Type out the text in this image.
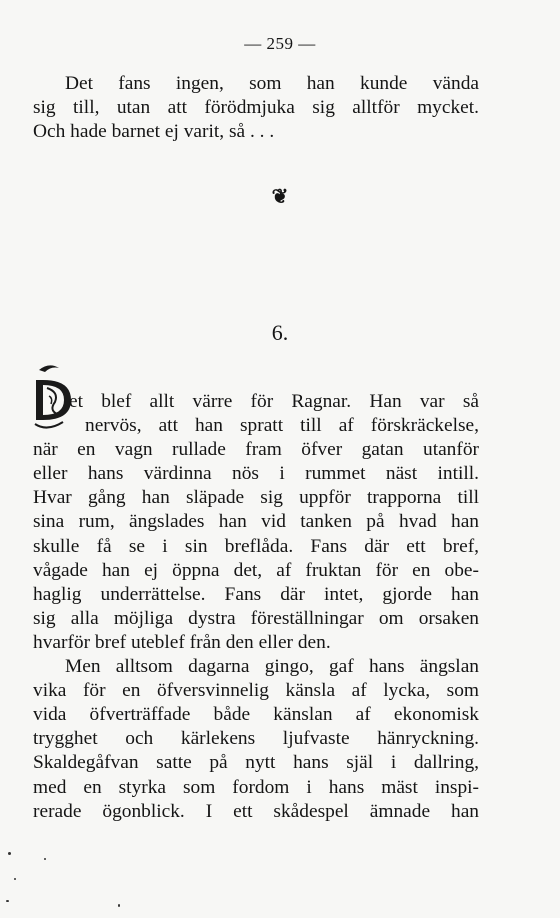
— 259 —
Det fans ingen, som han kunde vända
sig till, utan att förödmjuka sig alltför mycket.
Och hade barnet ej varit, så . . .
❦
6.
et blef allt värre för Ragnar. Han var så
nervös, att han spratt till af förskräckelse,
när en vagn rullade fram öfver gatan utanför
eller hans värdinna nös i rummet näst intill.
Hvar gång han släpade sig uppför trapporna till
sina rum, ängslades han vid tanken på hvad han
skulle få se i sin breflåda. Fans där ett bref,
vågade han ej öppna det, af fruktan för en obe-
haglig underrättelse. Fans där intet, gjorde han
sig alla möjliga dystra föreställningar om orsaken
hvarför bref uteblef från den eller den.
Men alltsom dagarna gingo, gaf hans ängslan
vika för en öfversvinnelig känsla af lycka, som
vida öfverträffade både känslan af ekonomisk
trygghet och kärlekens ljufvaste hänryckning.
Skaldegåfvan satte på nytt hans själ i dallring,
med en styrka som fordom i hans mäst inspi-
rerade ögonblick. I ett skådespel ämnade han
